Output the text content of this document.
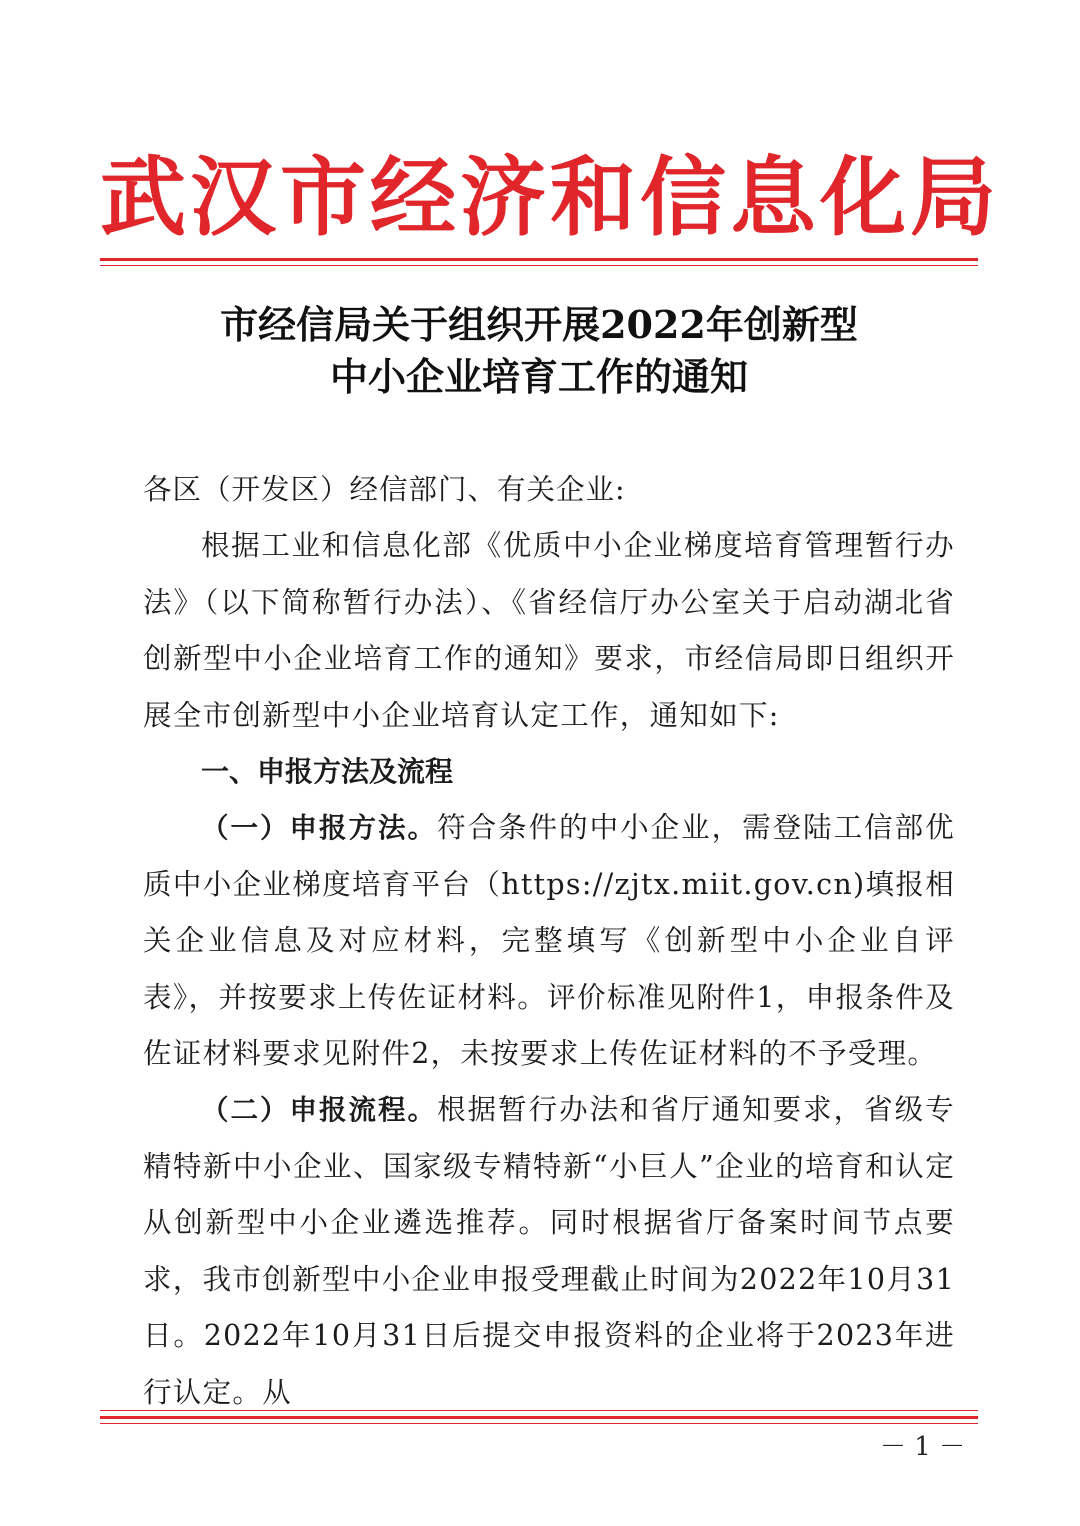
武汉市经济和信息化局
市经信局关于组织开展2022年创新型
中小企业培育工作的通知

各区（开发区）经信部门、有关企业:

根据工业和信息化部《优质中小企业梯度培育管理暂行办法》（以下简称暂行办法）、《省经信厅办公室关于启动湖北省创新型中小企业培育工作的通知》要求，市经信局即日组织开展全市创新型中小企业培育认定工作，通知如下:

一、申报方法及流程

（一）申报方法。符合条件的中小企业，需登陆工信部优质中小企业梯度培育平台（https://zjtx.miit.gov.cn)填报相关企业信息及对应材料，完整填写《创新型中小企业自评表》，并按要求上传佐证材料。评价标准见附件1，申报条件及佐证材料要求见附件2，未按要求上传佐证材料的不予受理。

（二）申报流程。根据暂行办法和省厅通知要求，省级专精特新中小企业、国家级专精特新“小巨人”企业的培育和认定从创新型中小企业遴选推荐。同时根据省厅备案时间节点要求，我市创新型中小企业申报受理截止时间为2022年10月31日。2022年10月31日后提交申报资料的企业将于2023年进行认定。从

－ 1 －
